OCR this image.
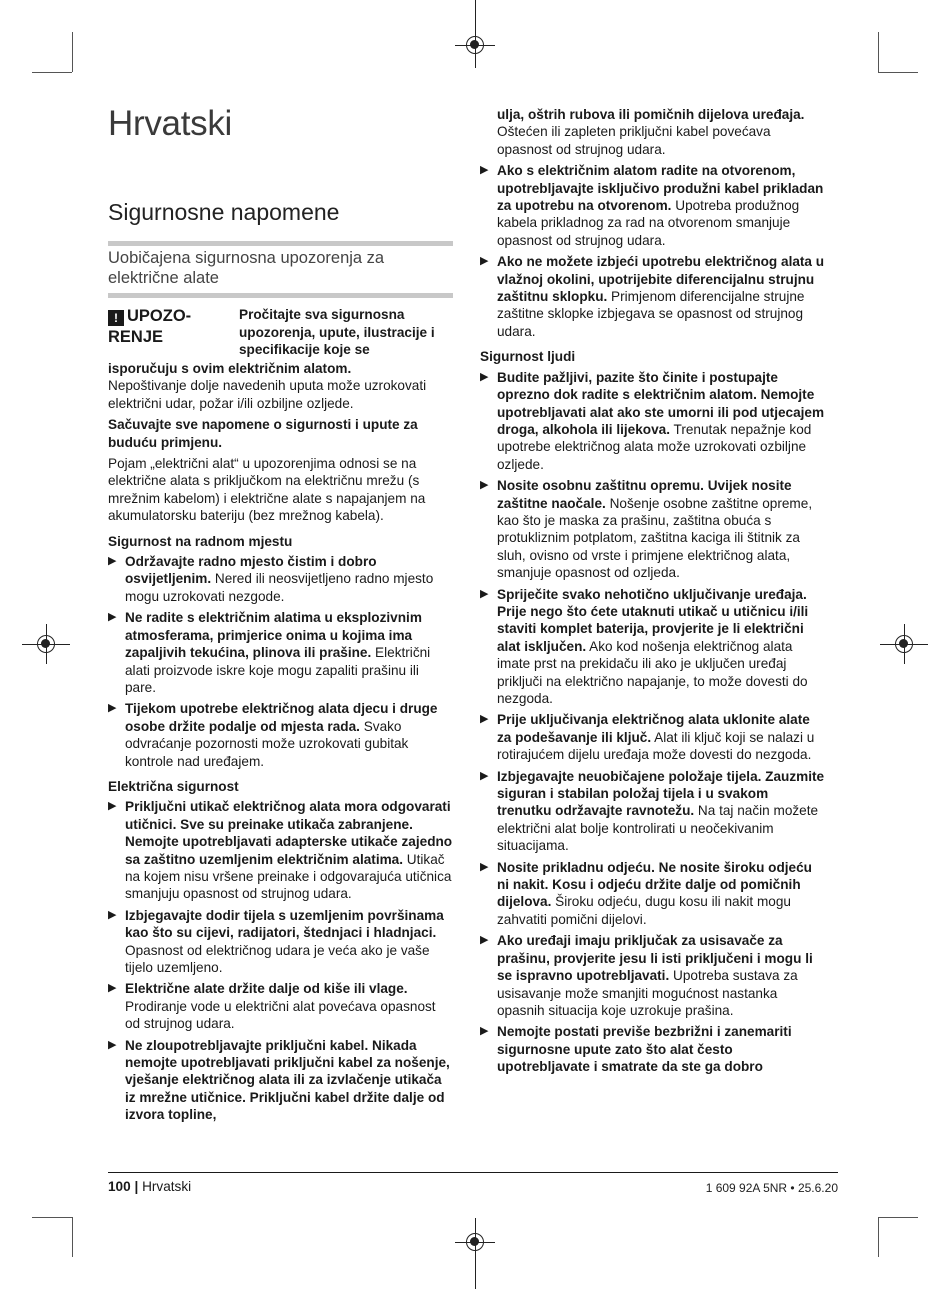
Hrvatski
Sigurnosne napomene
Uobičajena sigurnosna upozorenja za električne alate
! UPOZO-
RENJE
Pročitajte sva sigurnosna upozorenja, upute, ilustracije i specifikacije koje se

isporučuju s ovim električnim alatom.
Nepoštivanje dolje navedenih uputa može uzrokovati električni udar, požar i/ili ozbiljne ozljede.

Sačuvajte sve napomene o sigurnosti i upute za buduću primjenu.

Pojam „električni alat“ u upozorenjima odnosi se na električne alata s priključkom na električnu mrežu (s mrežnim kabelom) i električne alate s napajanjem na akumulatorsku bateriju (bez mrežnog kabela).

Sigurnost na radnom mjestu

▶ Održavajte radno mjesto čistim i dobro osvijetljenim. Nered ili neosvijetljeno radno mjesto mogu uzrokovati nezgode.
▶ Ne radite s električnim alatima u eksplozivnim atmosferama, primjerice onima u kojima ima zapaljivih tekućina, plinova ili prašine. Električni alati proizvode iskre koje mogu zapaliti prašinu ili pare.
▶ Tijekom upotrebe električnog alata djecu i druge osobe držite podalje od mjesta rada. Svako odvraćanje pozornosti može uzrokovati gubitak kontrole nad uređajem.

Električna sigurnost

▶ Priključni utikač električnog alata mora odgovarati utičnici. Sve su preinake utikača zabranjene. Nemojte upotrebljavati adapterske utikače zajedno sa zaštitno uzemljenim električnim alatima. Utikač na kojem nisu vršene preinake i odgovarajuća utičnica smanjuju opasnost od strujnog udara.
▶ Izbjegavajte dodir tijela s uzemljenim površinama kao što su cijevi, radijatori, štednjaci i hladnjaci. Opasnost od električnog udara je veća ako je vaše tijelo uzemljeno.
▶ Električne alate držite dalje od kiše ili vlage. Prodiranje vode u električni alat povećava opasnost od strujnog udara.
▶ Ne zloupotrebljavajte priključni kabel. Nikada nemojte upotrebljavati priključni kabel za nošenje, vješanje električnog alata ili za izvlačenje utikača iz mrežne utičnice. Priključni kabel držite dalje od izvora topline,
ulja, oštrih rubova ili pomičnih dijelova uređaja. Oštećen ili zapleten priključni kabel povećava opasnost od strujnog udara.
▶ Ako s električnim alatom radite na otvorenom, upotrebljavajte isključivo produžni kabel prikladan za upotrebu na otvorenom. Upotreba produžnog kabela prikladnog za rad na otvorenom smanjuje opasnost od strujnog udara.
▶ Ako ne možete izbjeći upotrebu električnog alata u vlažnoj okolini, upotrijebite diferencijalnu strujnu zaštitnu sklopku. Primjenom diferencijalne strujne zaštitne sklopke izbjegava se opasnost od strujnog udara.

Sigurnost ljudi

▶ Budite pažljivi, pazite što činite i postupajte oprezno dok radite s električnim alatom. Nemojte upotrebljavati alat ako ste umorni ili pod utjecajem droga, alkohola ili lijekova. Trenutak nepažnje kod upotrebe električnog alata može uzrokovati ozbiljne ozljede.
▶ Nosite osobnu zaštitnu opremu. Uvijek nosite zaštitne naočale. Nošenje osobne zaštitne opreme, kao što je maska za prašinu, zaštitna obuća s protukliznim potplatom, zaštitna kaciga ili štitnik za sluh, ovisno od vrste i primjene električnog alata, smanjuje opasnost od ozljeda.
▶ Spriječite svako nehotično uključivanje uređaja. Prije nego što ćete utaknuti utikač u utičnicu i/ili staviti komplet baterija, provjerite je li električni alat isključen. Ako kod nošenja električnog alata imate prst na prekidaču ili ako je uključen uređaj priključi na električno napajanje, to može dovesti do nezgoda.
▶ Prije uključivanja električnog alata uklonite alate za podešavanje ili ključ. Alat ili ključ koji se nalazi u rotirajućem dijelu uređaja može dovesti do nezgoda.
▶ Izbjegavajte neuobičajene položaje tijela. Zauzmite siguran i stabilan položaj tijela i u svakom trenutku održavajte ravnotežu. Na taj način možete električni alat bolje kontrolirati u neočekivanim situacijama.
▶ Nosite prikladnu odjeću. Ne nosite široku odjeću ni nakit. Kosu i odjeću držite dalje od pomičnih dijelova. Široku odjeću, dugu kosu ili nakit mogu zahvatiti pomični dijelovi.
▶ Ako uređaji imaju priključak za usisavače za prašinu, provjerite jesu li isti priključeni i mogu li se ispravno upotrebljavati. Upotreba sustava za usisavanje može smanjiti mogućnost nastanka opasnih situacija koje uzrokuje prašina.
▶ Nemojte postati previše bezbrižni i zanemariti sigurnosne upute zato što alat često upotrebljavate i smatrate da ste ga dobro
100 | Hrvatski	1 609 92A 5NR • 25.6.20
